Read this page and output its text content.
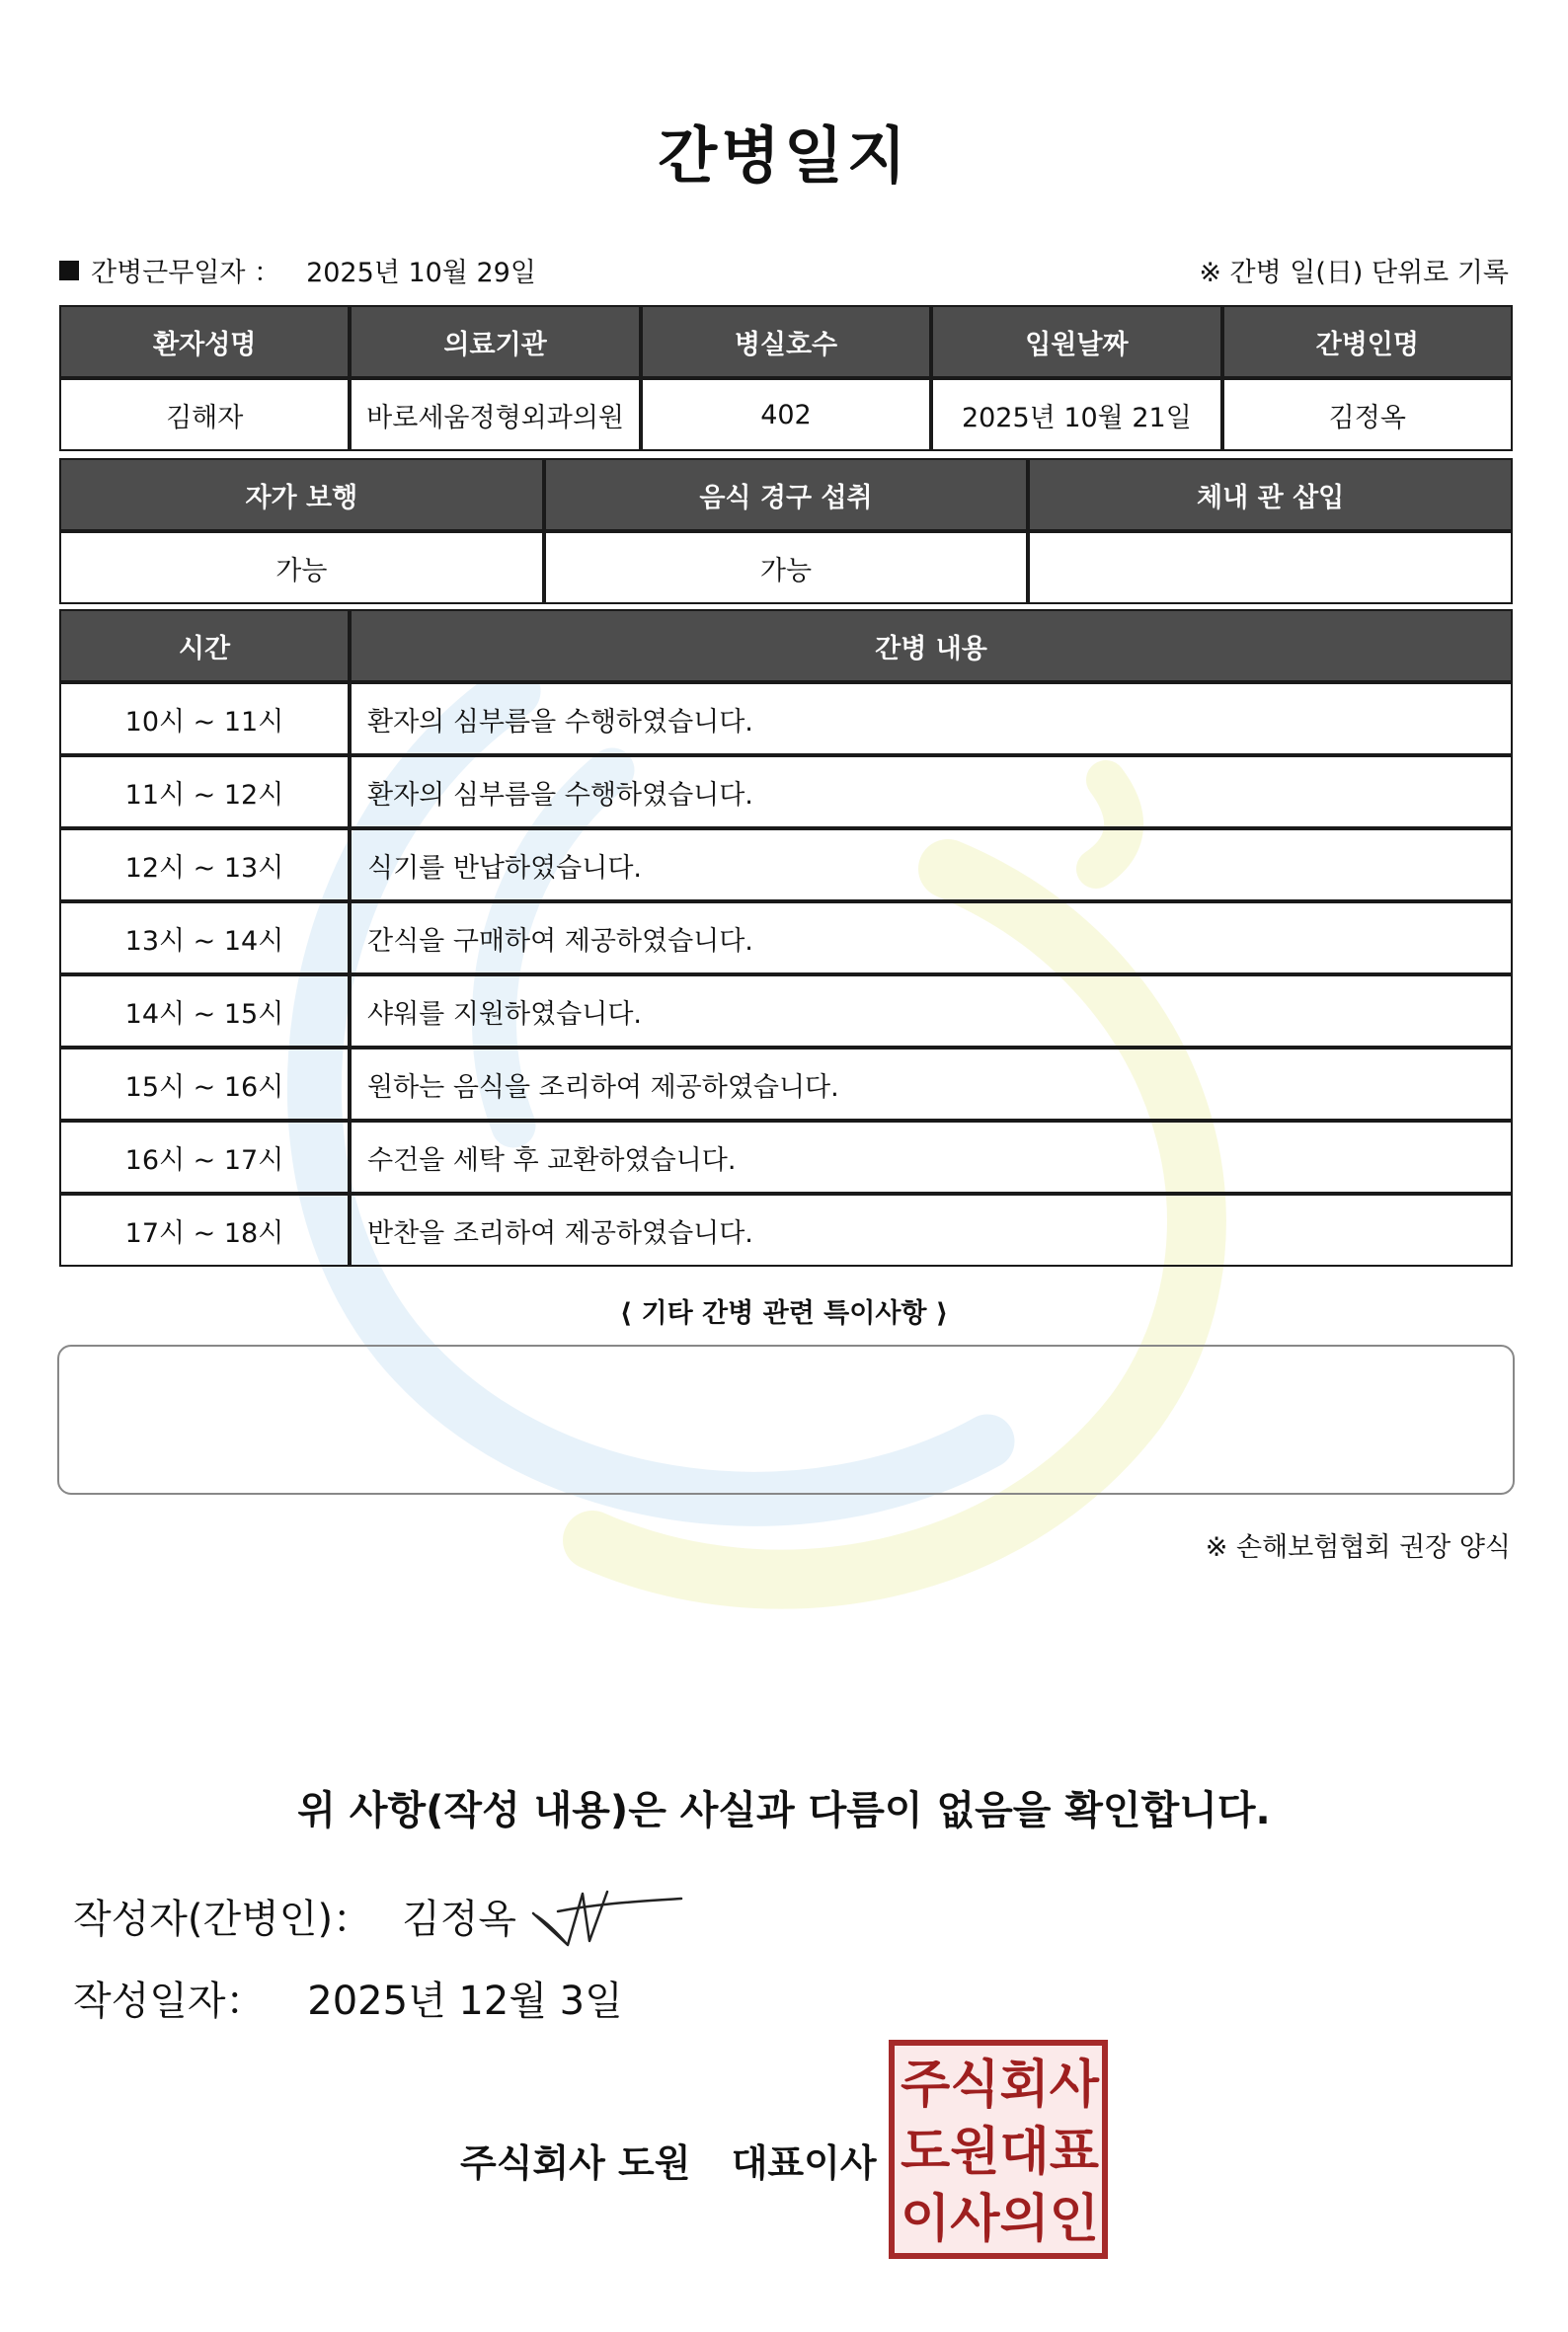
간병일지
간병근무일자 ： 2025년 10월 29일	※ 간병 일(日) 단위로 기록
환자성명	의료기관	병실호수	입원날짜	간병인명
김해자	바로세움정형외과의원	402	2025년 10월 21일	김정옥
자가 보행	음식 경구 섭취	체내 관 삽입
가능	가능	
시간	간병 내용
10시 ~ 11시	환자의 심부름을 수행하였습니다.
11시 ~ 12시	환자의 심부름을 수행하였습니다.
12시 ~ 13시	식기를 반납하였습니다.
13시 ~ 14시	간식을 구매하여 제공하였습니다.
14시 ~ 15시	샤워를 지원하였습니다.
15시 ~ 16시	원하는 음식을 조리하여 제공하였습니다.
16시 ~ 17시	수건을 세탁 후 교환하였습니다.
17시 ~ 18시	반찬을 조리하여 제공하였습니다.
⟨ 기타 간병 관련 특이사항 ⟩
※ 손해보험협회 권장 양식
위 사항(작성 내용)은 사실과 다름이 없음을 확인합니다.
작성자(간병인)： 김정옥
작성일자： 2025년 12월 3일
주식회사 도원 대표이사
주 식 회 사
도 원 대 표
이 사 의 인
